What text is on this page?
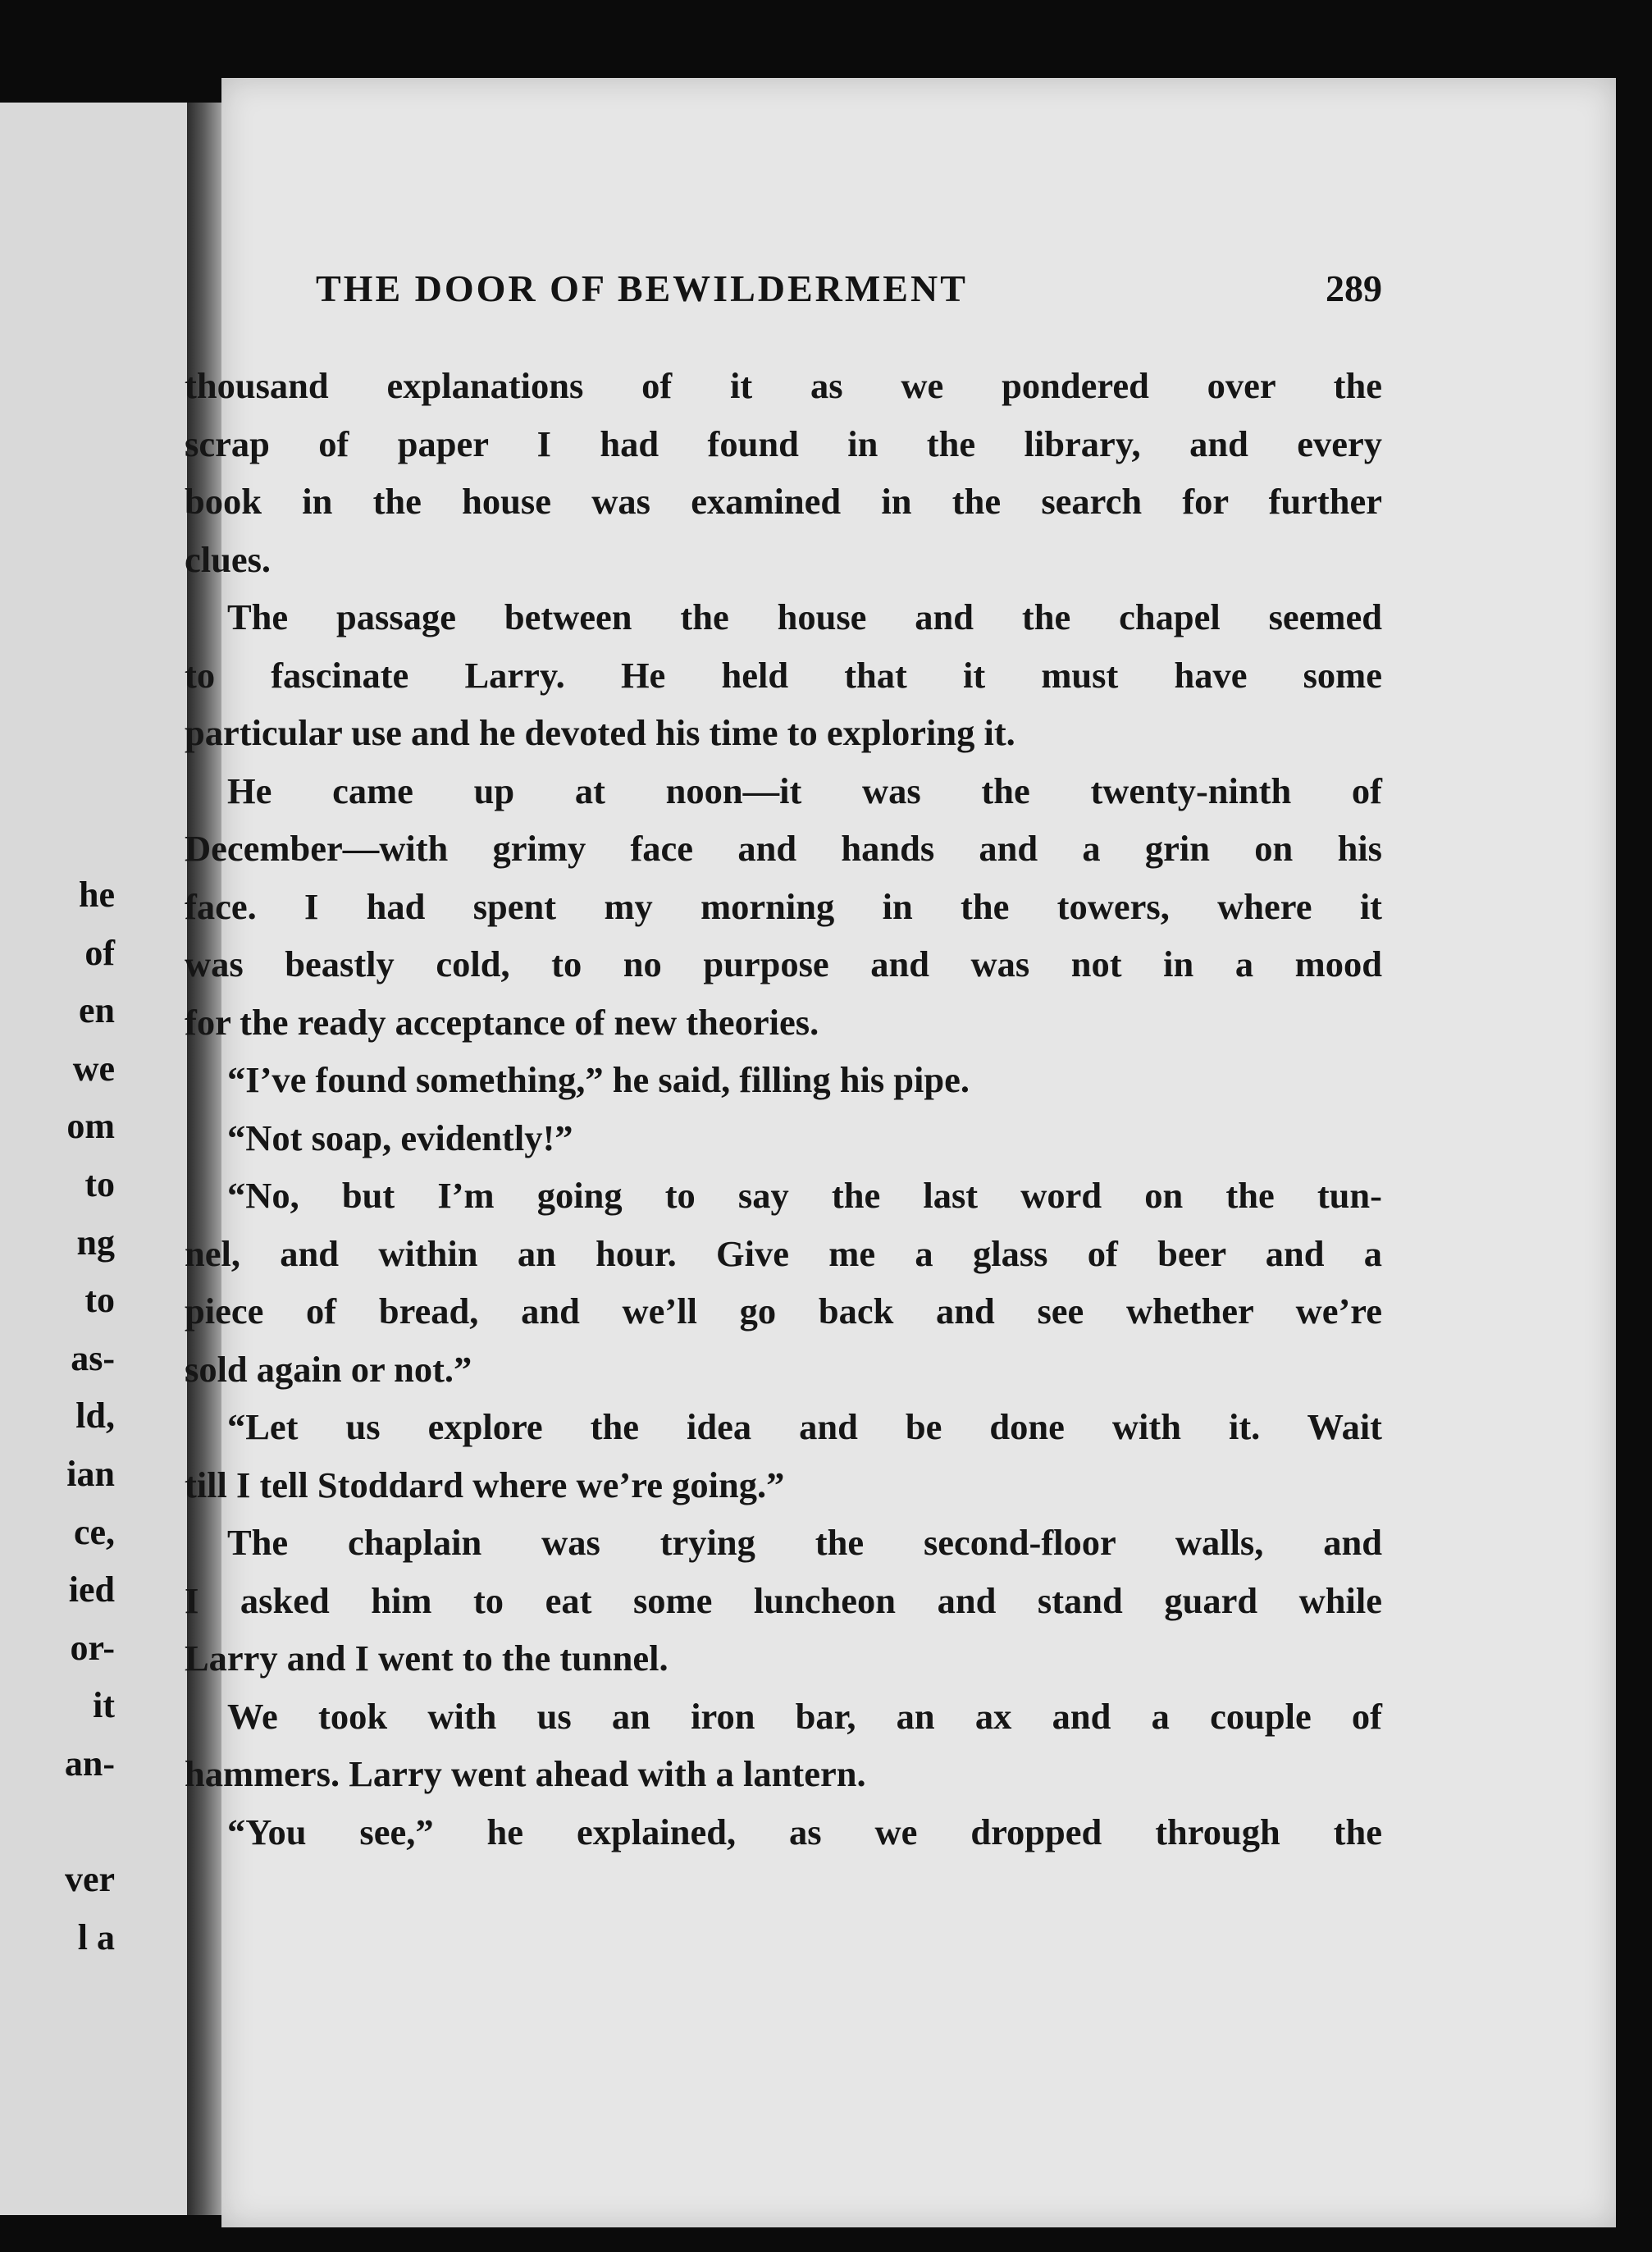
he
of
en
we
om
to
ng
to
as-
ld,
ian
ce,
ied
or-
it
an-
ver
l a
THE DOOR OF BEWILDERMENT	289
thousand explanations of it as we pondered over the
scrap of paper I had found in the library, and every
book in the house was examined in the search for further
clues.
The passage between the house and the chapel seemed
to fascinate Larry. He held that it must have some
particular use and he devoted his time to exploring it.
He came up at noon—it was the twenty-ninth of
December—with grimy face and hands and a grin on his
face. I had spent my morning in the towers, where it
was beastly cold, to no purpose and was not in a mood
for the ready acceptance of new theories.
“I’ve found something,” he said, filling his pipe.
“Not soap, evidently!”
“No, but I’m going to say the last word on the tun-
nel, and within an hour. Give me a glass of beer and a
piece of bread, and we’ll go back and see whether we’re
sold again or not.”
“Let us explore the idea and be done with it. Wait
till I tell Stoddard where we’re going.”
The chaplain was trying the second-floor walls, and
I asked him to eat some luncheon and stand guard while
Larry and I went to the tunnel.
We took with us an iron bar, an ax and a couple of
hammers. Larry went ahead with a lantern.
“You see,” he explained, as we dropped through the
